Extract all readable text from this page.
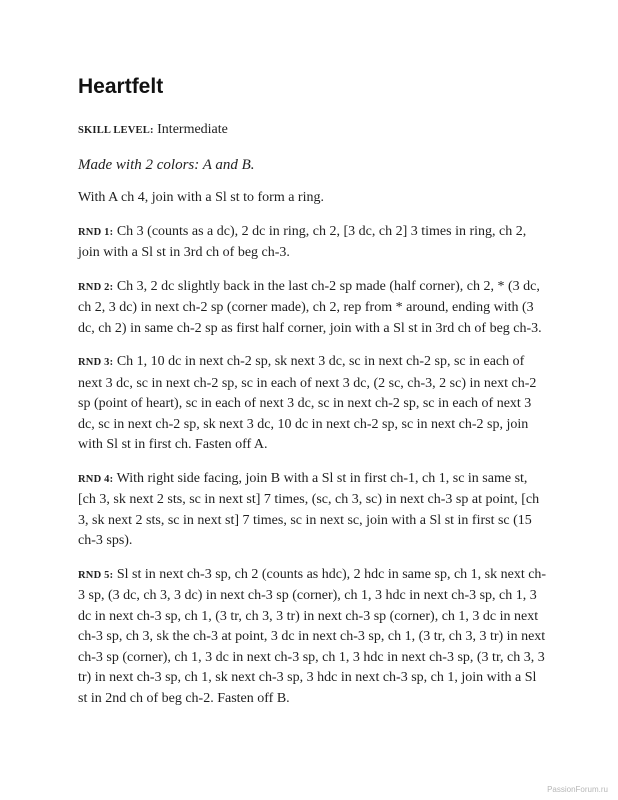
Heartfelt

SKILL LEVEL: Intermediate

Made with 2 colors: A and B.

With A ch 4, join with a Sl st to form a ring.

RND 1: Ch 3 (counts as a dc), 2 dc in ring, ch 2, [3 dc, ch 2] 3 times in ring, ch 2, join with a Sl st in 3rd ch of beg ch-3.

RND 2: Ch 3, 2 dc slightly back in the last ch-2 sp made (half corner), ch 2, * (3 dc, ch 2, 3 dc) in next ch-2 sp (corner made), ch 2, rep from * around, ending with (3 dc, ch 2) in same ch-2 sp as first half corner, join with a Sl st in 3rd ch of beg ch-3.

RND 3: Ch 1, 10 dc in next ch-2 sp, sk next 3 dc, sc in next ch-2 sp, sc in each of next 3 dc, sc in next ch-2 sp, sc in each of next 3 dc, (2 sc, ch-3, 2 sc) in next ch-2 sp (point of heart), sc in each of next 3 dc, sc in next ch-2 sp, sc in each of next 3 dc, sc in next ch-2 sp, sk next 3 dc, 10 dc in next ch-2 sp, sc in next ch-2 sp, join with Sl st in first ch. Fasten off A.

RND 4: With right side facing, join B with a Sl st in first ch-1, ch 1, sc in same st, [ch 3, sk next 2 sts, sc in next st] 7 times, (sc, ch 3, sc) in next ch-3 sp at point, [ch 3, sk next 2 sts, sc in next st] 7 times, sc in next sc, join with a Sl st in first sc (15 ch-3 sps).

RND 5: Sl st in next ch-3 sp, ch 2 (counts as hdc), 2 hdc in same sp, ch 1, sk next ch-3 sp, (3 dc, ch 3, 3 dc) in next ch-3 sp (corner), ch 1, 3 hdc in next ch-3 sp, ch 1, 3 dc in next ch-3 sp, ch 1, (3 tr, ch 3, 3 tr) in next ch-3 sp (corner), ch 1, 3 dc in next ch-3 sp, ch 3, sk the ch-3 at point, 3 dc in next ch-3 sp, ch 1, (3 tr, ch 3, 3 tr) in next ch-3 sp (corner), ch 1, 3 dc in next ch-3 sp, ch 1, 3 hdc in next ch-3 sp, (3 tr, ch 3, 3 tr) in next ch-3 sp, ch 1, sk next ch-3 sp, 3 hdc in next ch-3 sp, ch 1, join with a Sl st in 2nd ch of beg ch-2. Fasten off B.

PassionForum.ru
